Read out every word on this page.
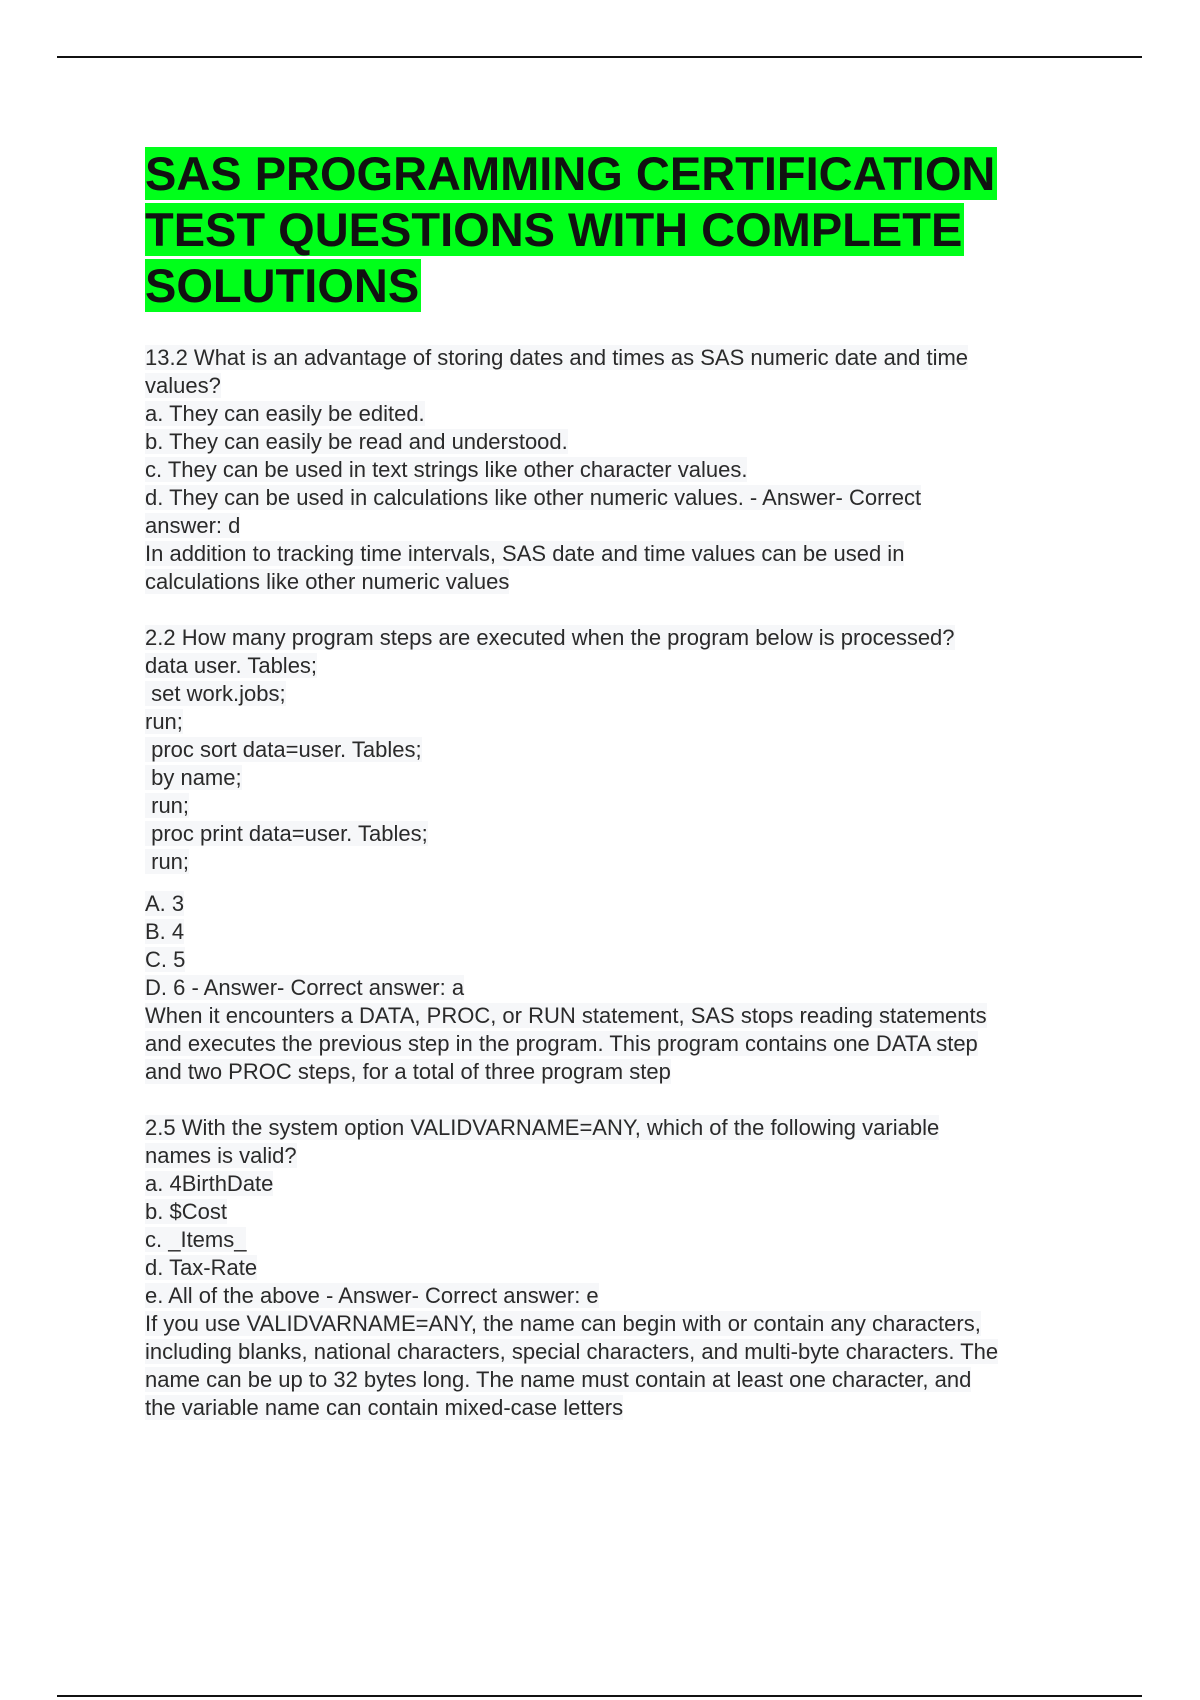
SAS PROGRAMMING CERTIFICATION
TEST QUESTIONS WITH COMPLETE
SOLUTIONS
13.2 What is an advantage of storing dates and times as SAS numeric date and time
values?
a. They can easily be edited.
b. They can easily be read and understood.
c. They can be used in text strings like other character values.
d. They can be used in calculations like other numeric values. - Answer- Correct
answer: d
In addition to tracking time intervals, SAS date and time values can be used in
calculations like other numeric values
2.2 How many program steps are executed when the program below is processed?
data user. Tables;
set work.jobs;
run;
proc sort data=user. Tables;
by name;
run;
proc print data=user. Tables;
run;
A. 3
B. 4
C. 5
D. 6 - Answer- Correct answer: a
When it encounters a DATA, PROC, or RUN statement, SAS stops reading statements
and executes the previous step in the program. This program contains one DATA step
and two PROC steps, for a total of three program step
2.5 With the system option VALIDVARNAME=ANY, which of the following variable
names is valid?
a. 4BirthDate
b. $Cost
c. _Items_
d. Tax-Rate
e. All of the above - Answer- Correct answer: e
If you use VALIDVARNAME=ANY, the name can begin with or contain any characters,
including blanks, national characters, special characters, and multi-byte characters. The
name can be up to 32 bytes long. The name must contain at least one character, and
the variable name can contain mixed-case letters
